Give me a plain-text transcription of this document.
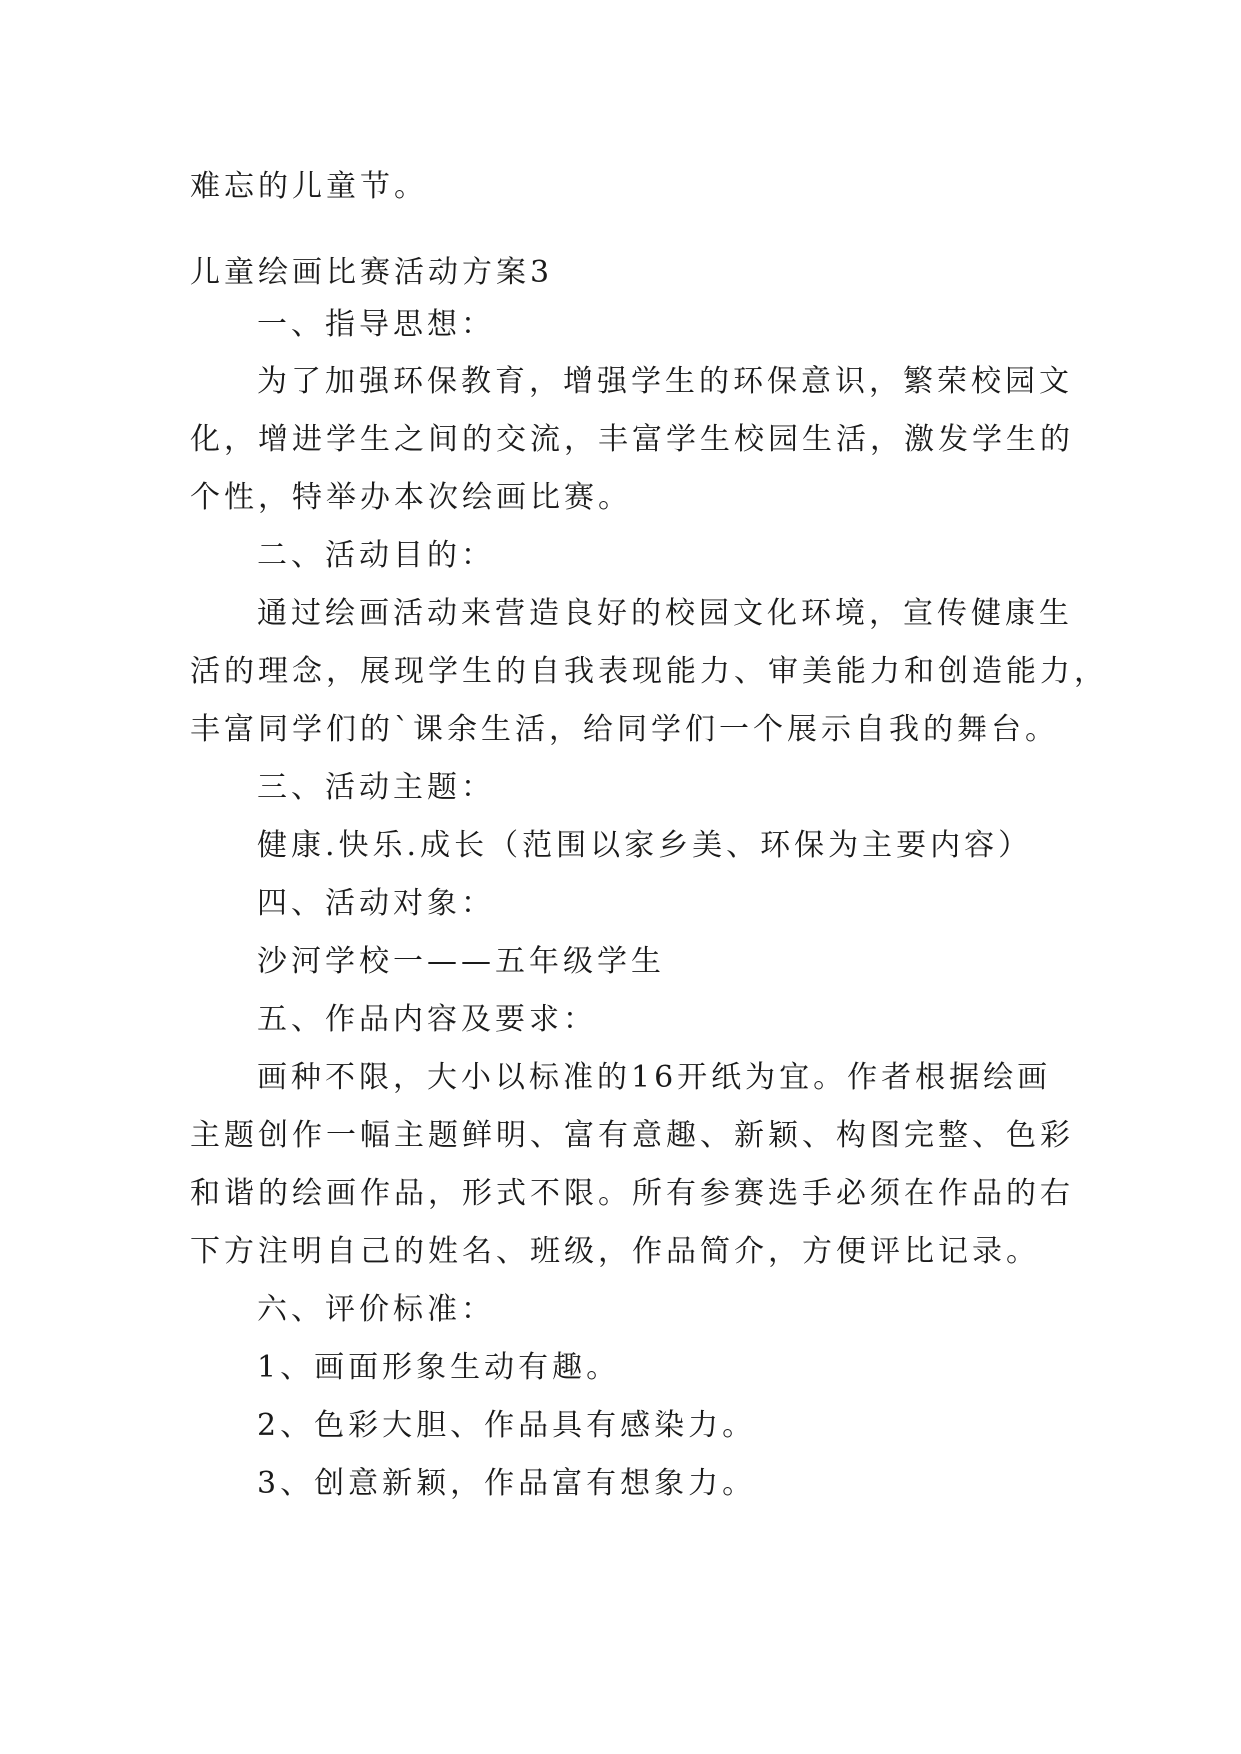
难忘的儿童节。
儿童绘画比赛活动方案3
一、指导思想：
为了加强环保教育，增强学生的环保意识，繁荣校园文
化，增进学生之间的交流，丰富学生校园生活，激发学生的
个性，特举办本次绘画比赛。
二、活动目的：
通过绘画活动来营造良好的校园文化环境，宣传健康生
活的理念，展现学生的自我表现能力、审美能力和创造能力，
丰富同学们的`课余生活，给同学们一个展示自我的舞台。
三、活动主题：
健康.快乐.成长（范围以家乡美、环保为主要内容）
四、活动对象：
沙河学校一——五年级学生
五、作品内容及要求：
画种不限，大小以标准的16开纸为宜。作者根据绘画
主题创作一幅主题鲜明、富有意趣、新颖、构图完整、色彩
和谐的绘画作品，形式不限。所有参赛选手必须在作品的右
下方注明自己的姓名、班级，作品简介，方便评比记录。
六、评价标准：
1、画面形象生动有趣。
2、色彩大胆、作品具有感染力。
3、创意新颖，作品富有想象力。
